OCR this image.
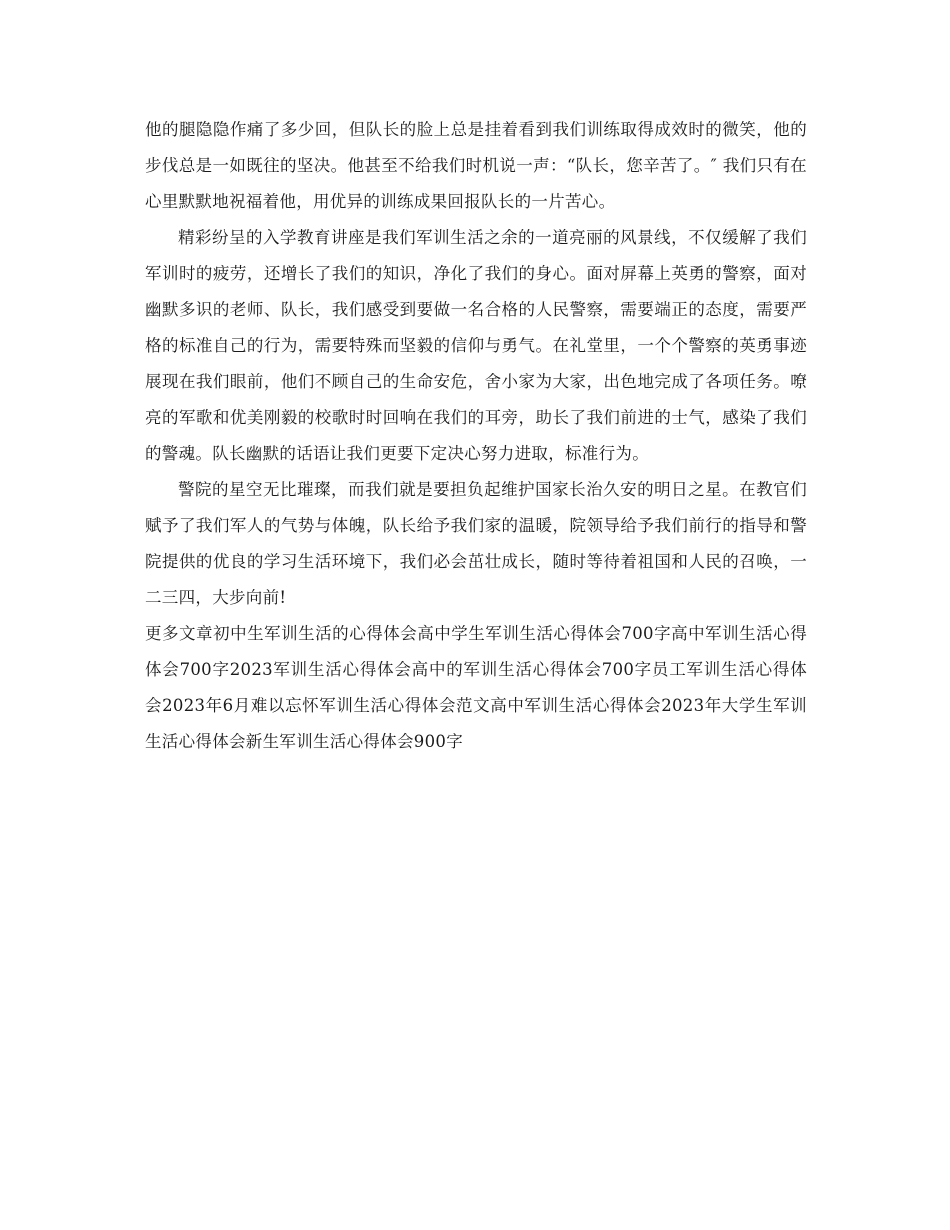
他的腿隐隐作痛了多少回，但队长的脸上总是挂着看到我们训练取得成效时的微笑，他的步伐总是一如既往的坚决。他甚至不给我们时机说一声：“队长，您辛苦了。″ 我们只有在心里默默地祝福着他，用优异的训练成果回报队长的一片苦心。

精彩纷呈的入学教育讲座是我们军训生活之余的一道亮丽的风景线，不仅缓解了我们军训时的疲劳，还增长了我们的知识，净化了我们的身心。面对屏幕上英勇的警察，面对幽默多识的老师、队长，我们感受到要做一名合格的人民警察，需要端正的态度，需要严格的标准自己的行为，需要特殊而坚毅的信仰与勇气。在礼堂里，一个个警察的英勇事迹展现在我们眼前，他们不顾自己的生命安危，舍小家为大家，出色地完成了各项任务。嘹亮的军歌和优美刚毅的校歌时时回响在我们的耳旁，助长了我们前进的士气，感染了我们的警魂。队长幽默的话语让我们更要下定决心努力进取，标准行为。

警院的星空无比璀璨，而我们就是要担负起维护国家长治久安的明日之星。在教官们赋予了我们军人的气势与体魄，队长给予我们家的温暖，院领导给予我们前行的指导和警院提供的优良的学习生活环境下，我们必会茁壮成长，随时等待着祖国和人民的召唤，一二三四，大步向前!

更多文章初中生军训生活的心得体会高中学生军训生活心得体会700字高中军训生活心得体会700字2023军训生活心得体会高中的军训生活心得体会700字员工军训生活心得体会2023年6月难以忘怀军训生活心得体会范文高中军训生活心得体会2023年大学生军训生活心得体会新生军训生活心得体会900字
